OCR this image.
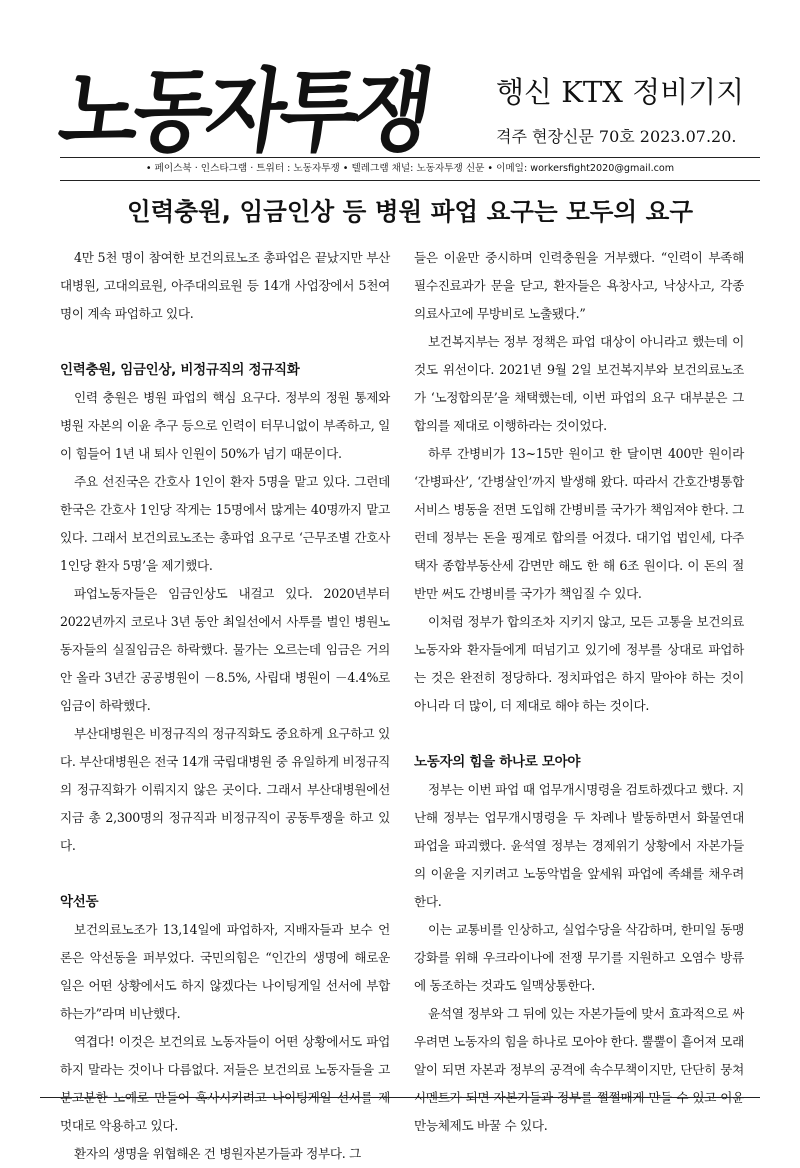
노동자투쟁 행신 KTX 정비기지
격주 현장신문 70호 2023.07.20.
• 페이스북 · 인스타그램 · 트위터 : 노동자투쟁 • 텔레그램 채널: 노동자투쟁 신문 • 이메일: workersfight2020@gmail.com
인력충원, 임금인상 등 병원 파업 요구는 모두의 요구

4만 5천 명이 참여한 보건의료노조 총파업은 끝났지만 부산대병원, 고대의료원, 아주대의료원 등 14개 사업장에서 5천여 명이 계속 파업하고 있다.

인력충원, 임금인상, 비정규직의 정규직화

인력 충원은 병원 파업의 핵심 요구다. 정부의 정원 통제와 병원 자본의 이윤 추구 등으로 인력이 터무니없이 부족하고, 일이 힘들어 1년 내 퇴사 인원이 50%가 넘기 때문이다.

주요 선진국은 간호사 1인이 환자 5명을 맡고 있다. 그런데 한국은 간호사 1인당 작게는 15명에서 많게는 40명까지 맡고 있다. 그래서 보건의료노조는 총파업 요구로 ‘근무조별 간호사 1인당 환자 5명’을 제기했다.

파업노동자들은 임금인상도 내걸고 있다. 2020년부터 2022년까지 코로나 3년 동안 최일선에서 사투를 벌인 병원노동자들의 실질임금은 하락했다. 물가는 오르는데 임금은 거의 안 올라 3년간 공공병원이 －8.5%, 사립대 병원이 －4.4%로 임금이 하락했다.

부산대병원은 비정규직의 정규직화도 중요하게 요구하고 있다. 부산대병원은 전국 14개 국립대병원 중 유일하게 비정규직의 정규직화가 이뤄지지 않은 곳이다. 그래서 부산대병원에선 지금 총 2,300명의 정규직과 비정규직이 공동투쟁을 하고 있다.

악선동

보건의료노조가 13,14일에 파업하자, 지배자들과 보수 언론은 악선동을 퍼부었다. 국민의힘은 “인간의 생명에 해로운 일은 어떤 상황에서도 하지 않겠다는 나이팅게일 선서에 부합하는가”라며 비난했다.

역겹다! 이것은 보건의료 노동자들이 어떤 상황에서도 파업하지 말라는 것이나 다름없다. 저들은 보건의료 노동자들을 고분고분한 노예로 만들어 혹사시키려고 나이팅게일 선서를 제멋대로 악용하고 있다.

환자의 생명을 위협해온 건 병원자본가들과 정부다. 그

들은 이윤만 중시하며 인력충원을 거부했다. “인력이 부족해 필수진료과가 문을 닫고, 환자들은 욕창사고, 낙상사고, 각종 의료사고에 무방비로 노출됐다.”

보건복지부는 정부 정책은 파업 대상이 아니라고 했는데 이것도 위선이다. 2021년 9월 2일 보건복지부와 보건의료노조가 ‘노정합의문’을 채택했는데, 이번 파업의 요구 대부분은 그 합의를 제대로 이행하라는 것이었다.

하루 간병비가 13~15만 원이고 한 달이면 400만 원이라 ‘간병파산’, ‘간병살인’까지 발생해 왔다. 따라서 간호간병통합서비스 병동을 전면 도입해 간병비를 국가가 책임져야 한다. 그런데 정부는 돈을 핑계로 합의를 어겼다. 대기업 법인세, 다주택자 종합부동산세 감면만 해도 한 해 6조 원이다. 이 돈의 절반만 써도 간병비를 국가가 책임질 수 있다.

이처럼 정부가 합의조차 지키지 않고, 모든 고통을 보건의료노동자와 환자들에게 떠넘기고 있기에 정부를 상대로 파업하는 것은 완전히 정당하다. 정치파업은 하지 말아야 하는 것이 아니라 더 많이, 더 제대로 해야 하는 것이다.

노동자의 힘을 하나로 모아야

정부는 이번 파업 때 업무개시명령을 검토하겠다고 했다. 지난해 정부는 업무개시명령을 두 차례나 발동하면서 화물연대 파업을 파괴했다. 윤석열 정부는 경제위기 상황에서 자본가들의 이윤을 지키려고 노동악법을 앞세워 파업에 족쇄를 채우려 한다.

이는 교통비를 인상하고, 실업수당을 삭감하며, 한미일 동맹 강화를 위해 우크라이나에 전쟁 무기를 지원하고 오염수 방류에 동조하는 것과도 일맥상통한다.

윤석열 정부와 그 뒤에 있는 자본가들에 맞서 효과적으로 싸우려면 노동자의 힘을 하나로 모아야 한다. 뿔뿔이 흩어져 모래알이 되면 자본과 정부의 공격에 속수무책이지만, 단단히 뭉쳐 시멘트가 되면 자본가들과 정부를 쩔쩔매게 만들 수 있고 이윤만능체제도 바꿀 수 있다.
